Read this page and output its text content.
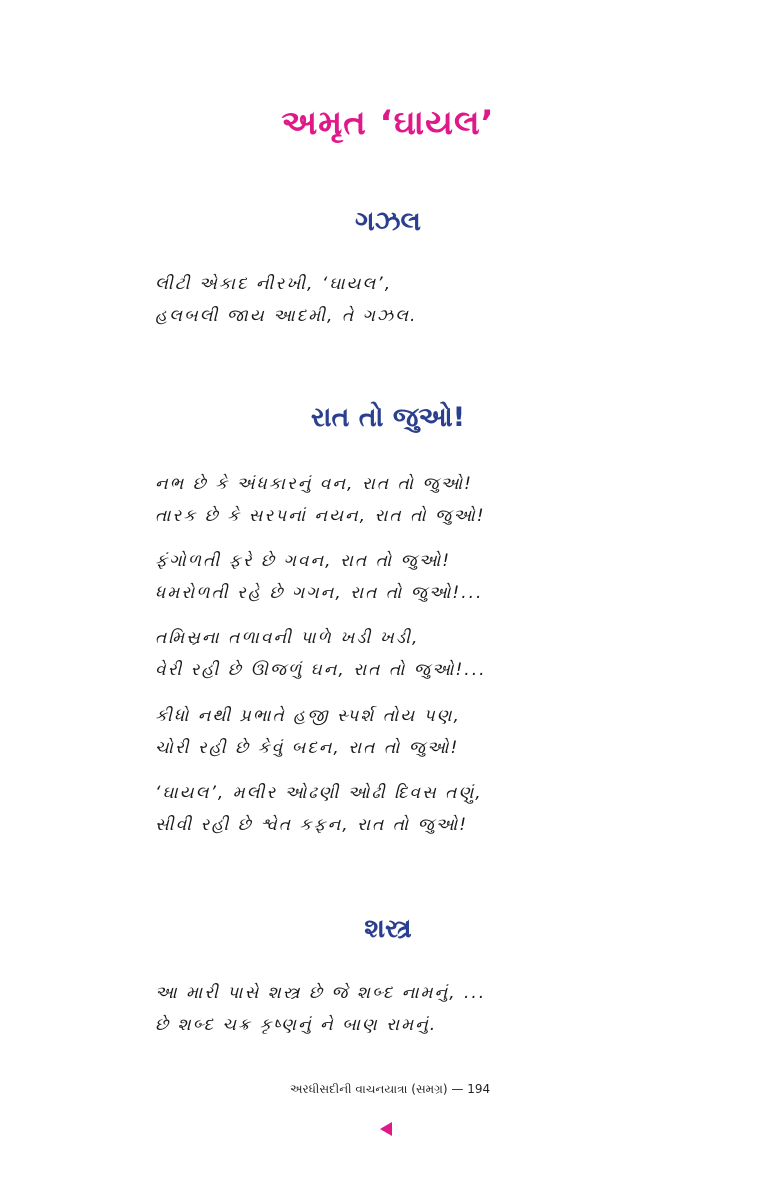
અમૃત ‘ઘાયલ’
ગઝલ
લીટી એકાદ નીરખી, ‘ઘાયલ’,
હલબલી જાય આદમી, તે ગઝલ.
રાત તો જુઓ!
નભ છે કે અંધકારનું વન, રાત તો જુઓ!
તારક છે કે સરપનાં નયન, રાત તો જુઓ!
ફંગોળતી ફરે છે ગવન, રાત તો જુઓ!
ધમરોળતી રહે છે ગગન, રાત તો જુઓ!...
તમિસ્રના તળાવની પાળે ખડી ખડી,
વેરી રહી છે ઊજળું ઘન, રાત તો જુઓ!...
કીધો નથી પ્રભાતે હજી સ્પર્શ તોય પણ,
ચોરી રહી છે કેવું બદન, રાત તો જુઓ!
‘ઘાયલ’, મલીર ઓઢણી ઓઢી દિવસ તણું,
સીવી રહી છે શ્વેત કફન, રાત તો જુઓ!
શસ્ત્ર
આ મારી પાસે શસ્ત્ર છે જે શબ્દ નામનું, ...
છે શબ્દ ચક્ર કૃષ્ણનું ને બાણ રામનું.
અરધીસદીની વાચનયાત્રા (સમગ્ર) — 194
